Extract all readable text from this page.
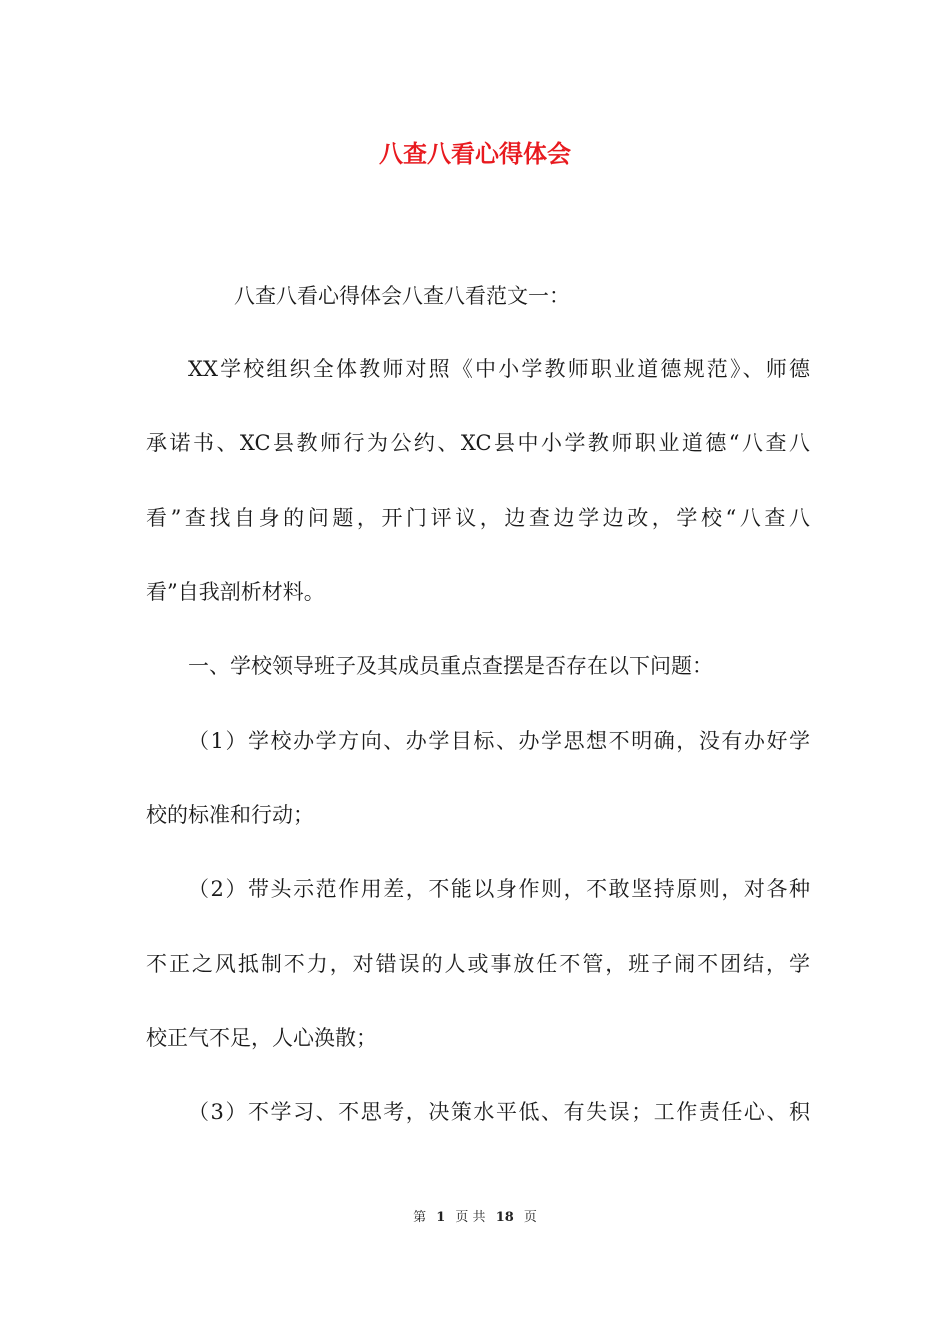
八查八看心得体会
八查八看心得体会八查八看范文一：
XX学校组织全体教师对照《中小学教师职业道德规范》、师德
承诺书、XC县教师行为公约、XC县中小学教师职业道德“八查八
看”查找自身的问题，开门评议，边查边学边改，学校“八查八
看”自我剖析材料。
一、学校领导班子及其成员重点查摆是否存在以下问题：
（1）学校办学方向、办学目标、办学思想不明确，没有办好学
校的标准和行动；
（2）带头示范作用差，不能以身作则，不敢坚持原则，对各种
不正之风抵制不力，对错误的人或事放任不管，班子闹不团结，学
校正气不足，人心涣散；
（3）不学习、不思考，决策水平低、有失误；工作责任心、积
第 1 页 共 18 页
